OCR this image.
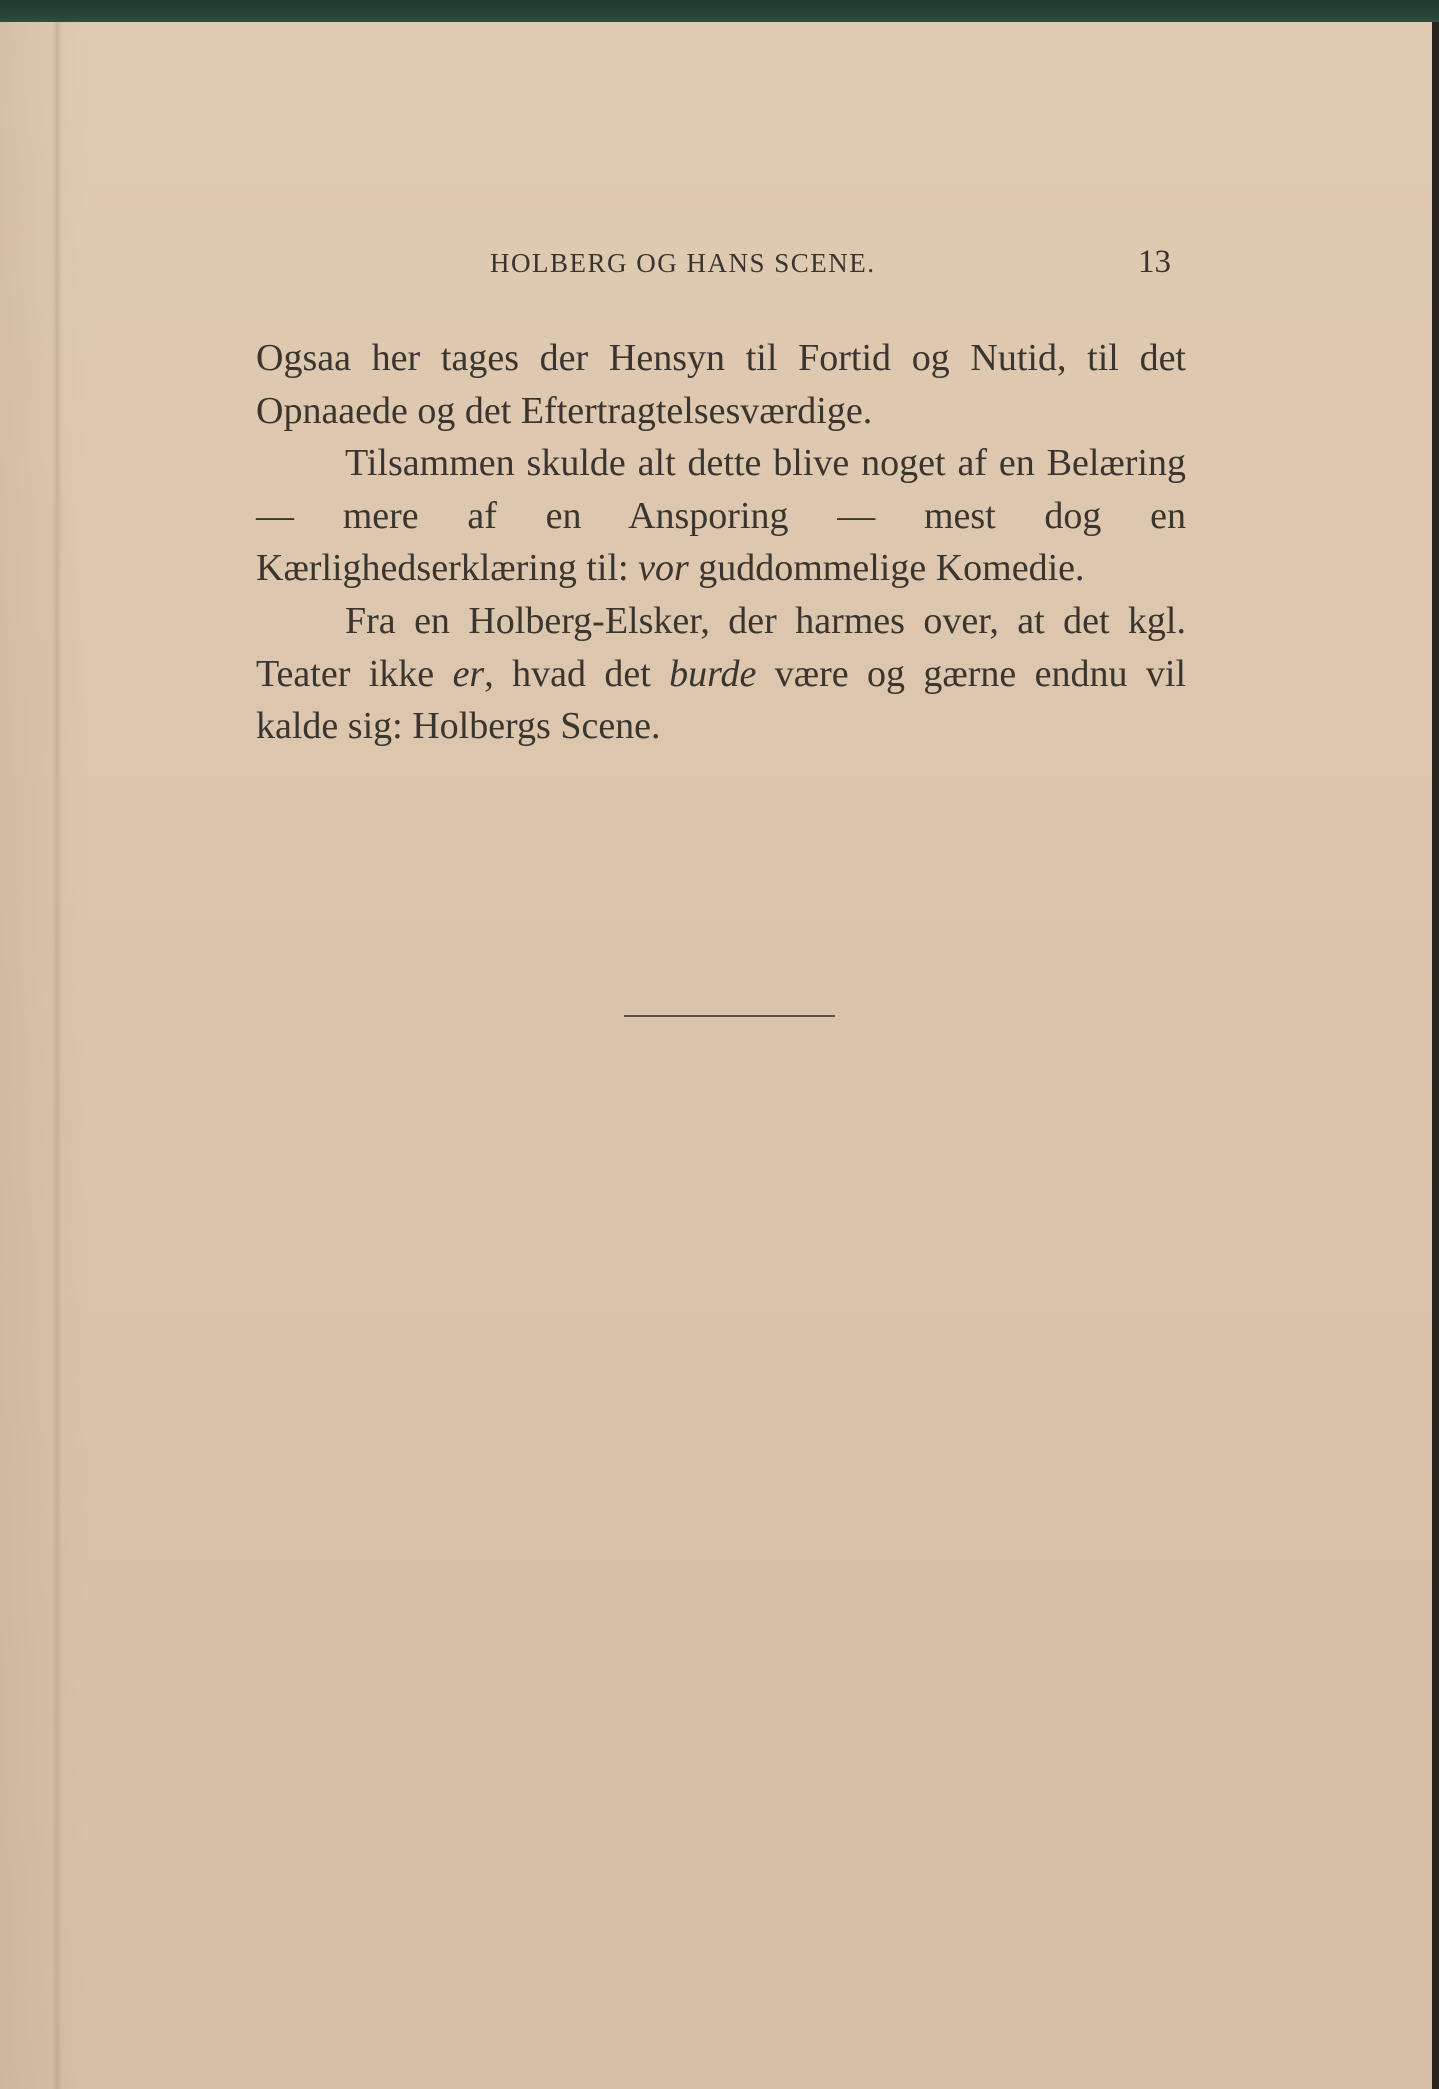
HOLBERG OG HANS SCENE.	13

Ogsaa her tages der Hensyn til Fortid og Nutid, til det Opnaaede og det Eftertragtelsesværdige.

Tilsammen skulde alt dette blive noget af en Belæring — mere af en Ansporing — mest dog en Kærlighedserklæring til: vor guddommelige Komedie.

Fra en Holberg-Elsker, der harmes over, at det kgl. Teater ikke er, hvad det burde være og gærne endnu vil kalde sig: Holbergs Scene.
